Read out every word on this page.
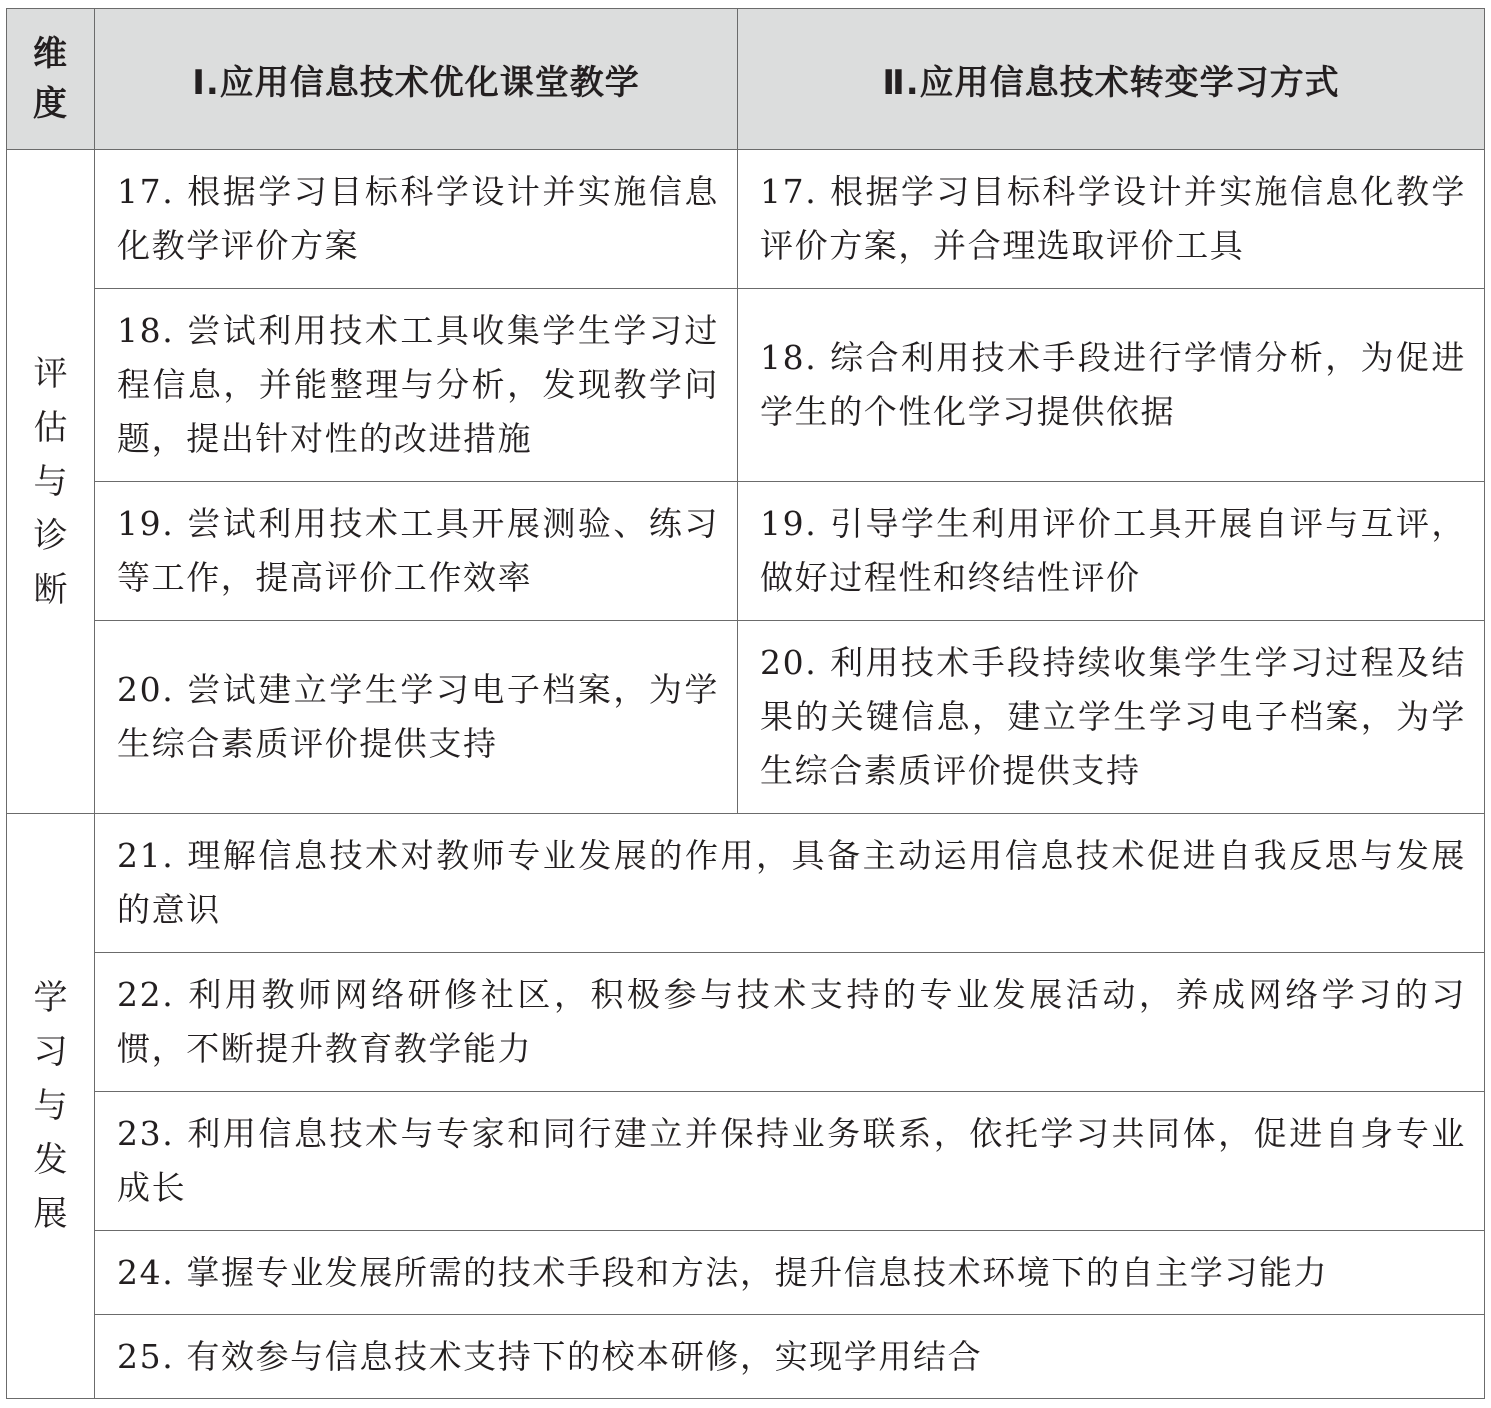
维
度	Ⅰ.应用信息技术优化课堂教学	Ⅱ.应用信息技术转变学习方式

评
估
与
诊
断	17. 根据学习目标科学设计并实施信息化教学评价方案	17. 根据学习目标科学设计并实施信息化教学评价方案，并合理选取评价工具
	18. 尝试利用技术工具收集学生学习过程信息，并能整理与分析，发现教学问题，提出针对性的改进措施	18. 综合利用技术手段进行学情分析，为促进学生的个性化学习提供依据
	19. 尝试利用技术工具开展测验、练习等工作，提高评价工作效率	19. 引导学生利用评价工具开展自评与互评，做好过程性和终结性评价
	20. 尝试建立学生学习电子档案，为学生综合素质评价提供支持	20. 利用技术手段持续收集学生学习过程及结果的关键信息，建立学生学习电子档案，为学生综合素质评价提供支持

学
习
与
发
展	21. 理解信息技术对教师专业发展的作用，具备主动运用信息技术促进自我反思与发展的意识	
	22. 利用教师网络研修社区，积极参与技术支持的专业发展活动，养成网络学习的习惯，不断提升教育教学能力	
	23. 利用信息技术与专家和同行建立并保持业务联系，依托学习共同体，促进自身专业成长	
	24. 掌握专业发展所需的技术手段和方法，提升信息技术环境下的自主学习能力	
	25. 有效参与信息技术支持下的校本研修，实现学用结合	
